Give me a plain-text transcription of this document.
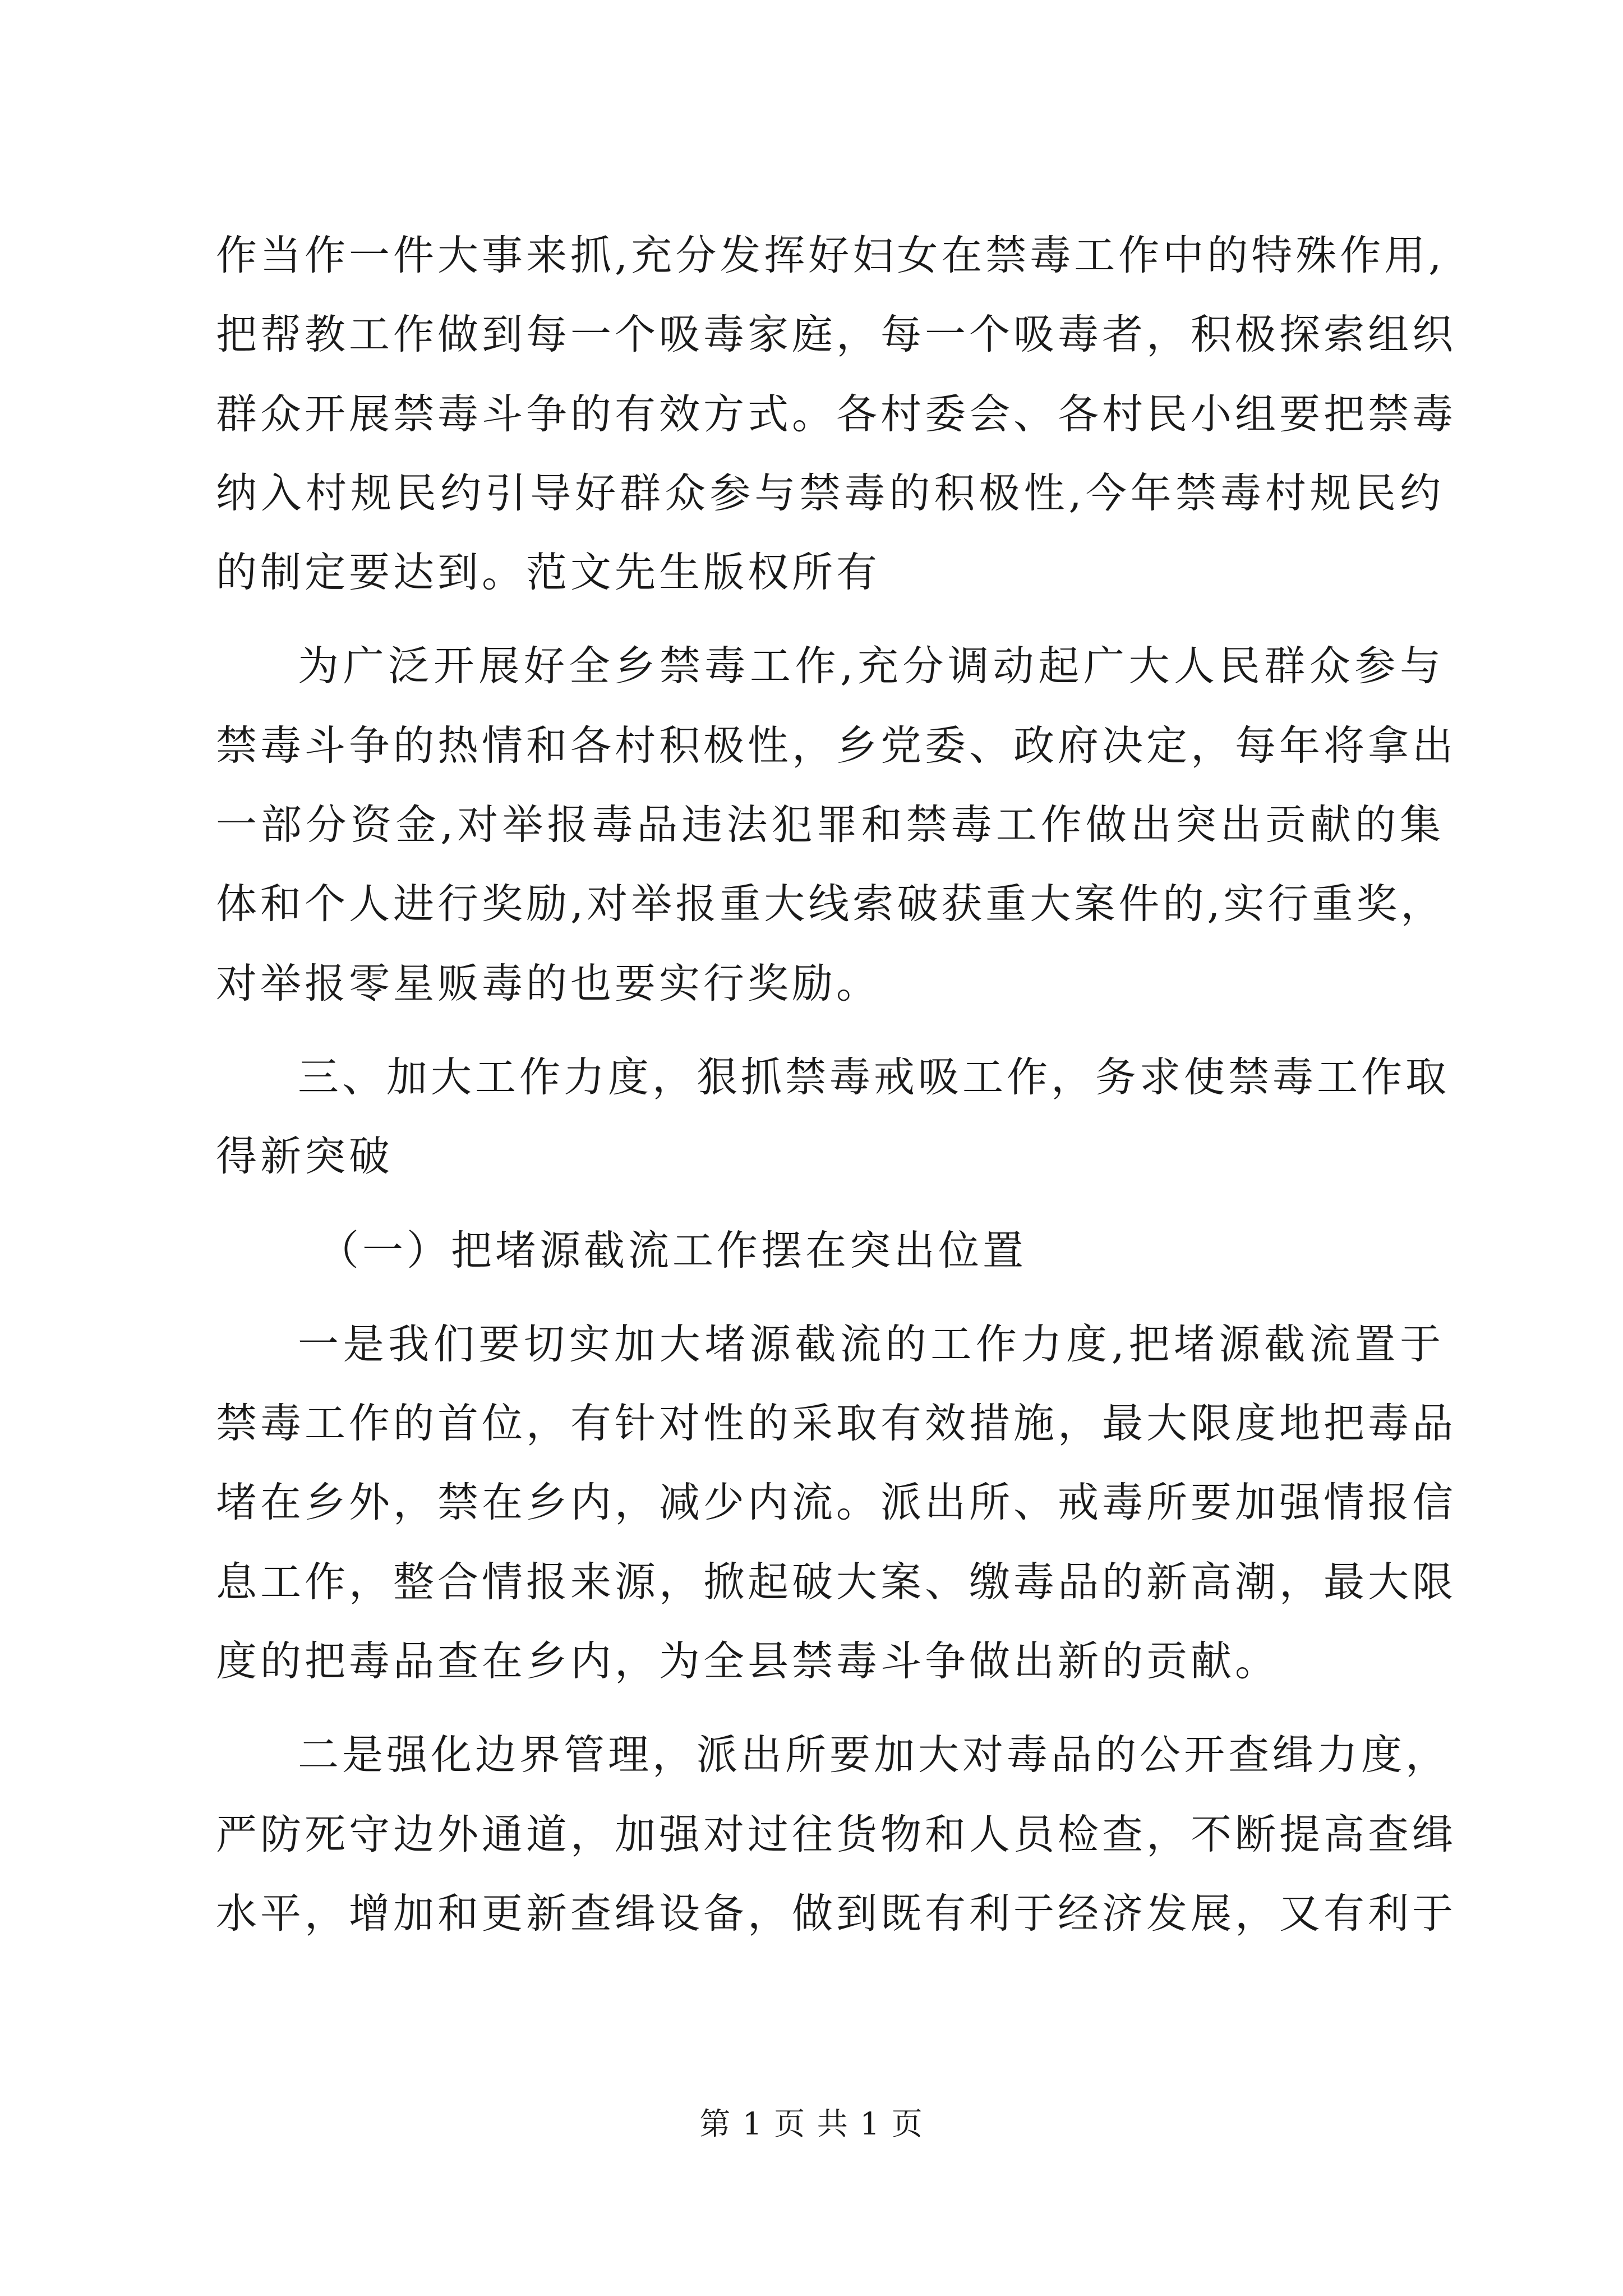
作当作一件大事来抓,充分发挥好妇女在禁毒工作中的特殊作用,
把帮教工作做到每一个吸毒家庭，每一个吸毒者，积极探索组织
群众开展禁毒斗争的有效方式。各村委会、各村民小组要把禁毒
纳入村规民约引导好群众参与禁毒的积极性,今年禁毒村规民约
的制定要达到。范文先生版权所有
为广泛开展好全乡禁毒工作,充分调动起广大人民群众参与
禁毒斗争的热情和各村积极性，乡党委、政府决定，每年将拿出
一部分资金,对举报毒品违法犯罪和禁毒工作做出突出贡献的集
体和个人进行奖励,对举报重大线索破获重大案件的,实行重奖，
对举报零星贩毒的也要实行奖励。
三、加大工作力度，狠抓禁毒戒吸工作，务求使禁毒工作取
得新突破
（一）把堵源截流工作摆在突出位置
一是我们要切实加大堵源截流的工作力度,把堵源截流置于
禁毒工作的首位，有针对性的采取有效措施，最大限度地把毒品
堵在乡外，禁在乡内，减少内流。派出所、戒毒所要加强情报信
息工作，整合情报来源，掀起破大案、缴毒品的新高潮，最大限
度的把毒品查在乡内，为全县禁毒斗争做出新的贡献。
二是强化边界管理，派出所要加大对毒品的公开查缉力度，
严防死守边外通道，加强对过往货物和人员检查，不断提高查缉
水平，增加和更新查缉设备，做到既有利于经济发展，又有利于
第 1 页 共 1 页
